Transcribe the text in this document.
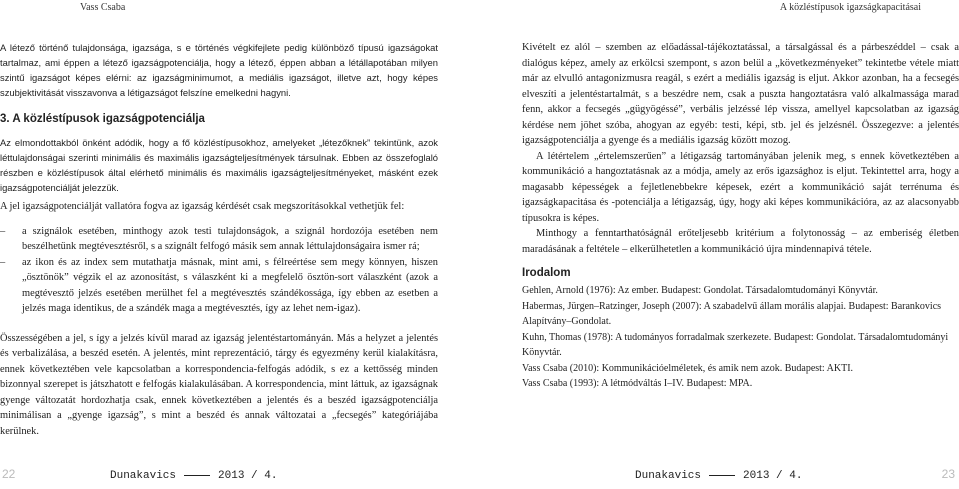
Vass Csaba	A közléstípusok igazságkapacitásai

A létező történő tulajdonsága, igazsága, s e történés végkifejlete pedig különböző típusú igazságokat tartalmaz, ami éppen a létező igazságpotenciálja, hogy a létező, éppen abban a létállapotában milyen szintű igazságot képes elérni: az igazságminimumot, a mediális igazságot, illetve azt, hogy képes szubjektivitását visszavonva a létigazságot felszíne emelkedni hagyni.

3. A közléstípusok igazságpotenciálja

Az elmondottakból önként adódik, hogy a fő közléstípusokhoz, amelyeket „létezőknek” tekintünk, azok léttulajdonságai szerinti minimális és maximális igazságteljesítmények társulnak. Ebben az összefoglaló részben e közléstípusok által elérhető minimális és maximális igazságteljesítményeket, másként ezek igazságpotenciálját jelezzük.

A jel igazságpotenciálját vallatóra fogva az igazság kérdését csak megszorításokkal vethetjük fel:

– a szignálok esetében, minthogy azok testi tulajdonságok, a szignál hordozója esetében nem beszélhetünk megtévesztésről, s a szignált felfogó másik sem annak léttulajdonságaira ismer rá;
– az ikon és az index sem mutathatja másnak, mint ami, s félreértése sem megy könnyen, hiszen „ösztönök” végzik el az azonosítást, s válaszként ki a megfelelő ösztön-sort válaszként (azok a megtévesztő jelzés esetében merülhet fel a megtévesztés szándékossága, így ebben az esetben a jelzés maga identikus, de a szándék maga a megtévesztés, így az lehet nem-igaz).

Összességében a jel, s így a jelzés kívül marad az igazság jelentéstartományán. Más a helyzet a jelentés és verbalizálása, a beszéd esetén. A jelentés, mint reprezentáció, tárgy és egyezmény kerül kialakításra, ennek következtében vele kapcsolatban a korrespondencia-felfogás adódik, s ez a kettősség minden bizonnyal szerepet is játszhatott e felfogás kialakulásában. A korrespondencia, mint láttuk, az igazságnak gyenge változatát hordozhatja csak, ennek következtében a jelentés és a beszéd igazságpotenciálja minimálisan a „gyenge igazság”, s mint a beszéd és annak változatai a „fecsegés” kategóriájába kerülnek.

Kivételt ez alól – szemben az előadással-tájékoztatással, a társalgással és a párbeszéddel – csak a dialógus képez, amely az erkölcsi szempont, s azon belül a „következményeket” tekintetbe vétele miatt már az elvulló antagonizmusra reagál, s ezért a mediális igazság is eljut. Akkor azonban, ha a fecsegés elveszíti a jelentéstartalmát, s a beszédre nem, csak a puszta hangoztatásra való alkalmassága marad fenn, akkor a fecsegés „gügyögéssé”, verbális jelzéssé lép vissza, amellyel kapcsolatban az igazság kérdése nem jöhet szóba, ahogyan az egyéb: testi, képi, stb. jel és jelzésnél. Összegezve: a jelentés igazságpotenciálja a gyenge és a mediális igazság között mozog.

A létértelem „értelemszerűen” a létigazság tartományában jelenik meg, s ennek következtében a kommunikáció a hangoztatásnak az a módja, amely az erős igazsághoz is eljut. Tekintettel arra, hogy a magasabb képességek a fejletlenebbekre képesek, ezért a kommunikáció saját terrénuma és igazságkapacitása és -potenciálja a létigazság, úgy, hogy aki képes kommunikációra, az az alacsonyabb típusokra is képes.

Minthogy a fenntarthatóságnál erőteljesebb kritérium a folytonosság – az emberiség életben maradásának a feltétele – elkerülhetetlen a kommunikáció újra mindennapivá tétele.

Irodalom

Gehlen, Arnold (1976): Az ember. Budapest: Gondolat. Társadalomtudományi Könyvtár.

Habermas, Jürgen–Ratzinger, Joseph (2007): A szabadelvű állam morális alapjai. Budapest: Barankovics Alapítvány–Gondolat.

Kuhn, Thomas (1978): A tudományos forradalmak szerkezete. Budapest: Gondolat. Társadalomtudományi Könyvtár.

Vass Csaba (2010): Kommunikációelméletek, és amik nem azok. Budapest: AKTI.

Vass Csaba (1993): A létmódváltás I–IV. Budapest: MPA.

22	Dunakavics	2013 / 4.	Dunakavics	2013 / 4.	23
